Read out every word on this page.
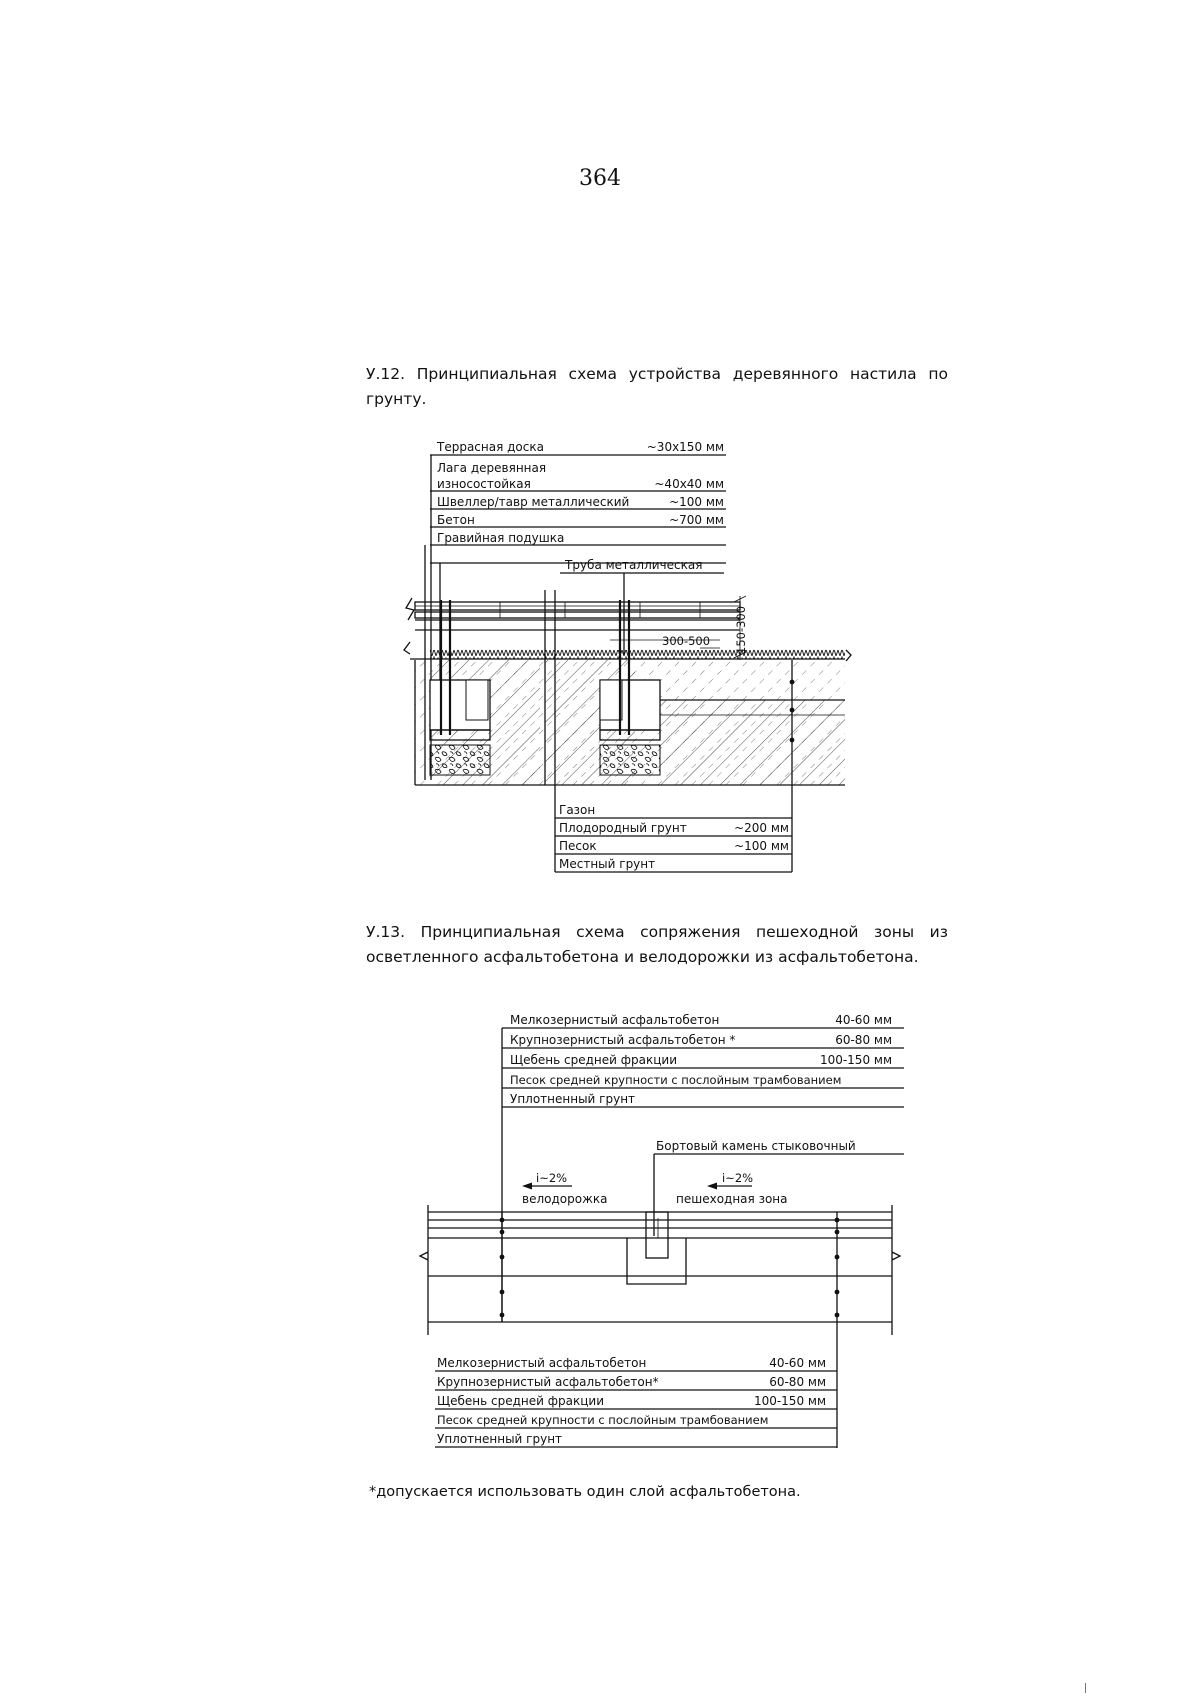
364
У.12. Принципиальная схема устройства деревянного настила по грунту.
Террасная доска	~30x150 мм
Лага деревянная
износостойкая	~40x40 мм
Швеллер/тавр металлический	~100 мм
Бетон	~700 мм
Гравийная подушка
Труба металлическая
300-500 150-300
Газон
Плодородный грунт	~200 мм
Песок	~100 мм
Местный грунт
Мелкозернистый асфальтобетон	40-60 мм
Крупнозернистый асфальтобетон *	60-80 мм
Щебень средней фракции	100-150 мм
Песок средней крупности с послойным трамбованием
Уплотненный грунт
Бортовый камень стыковочный
i~2%
велодорожка
i~2%
пешеходная зона
Мелкозернистый асфальтобетон	40-60 мм
Крупнозернистый асфальтобетон*	60-80 мм
Щебень средней фракции	100-150 мм
Песок средней крупности с послойным трамбованием
Уплотненный грунт
У.13. Принципиальная схема сопряжения пешеходной зоны из осветленного асфальтобетона и велодорожки из асфальтобетона.
*допускается использовать один слой асфальтобетона.
